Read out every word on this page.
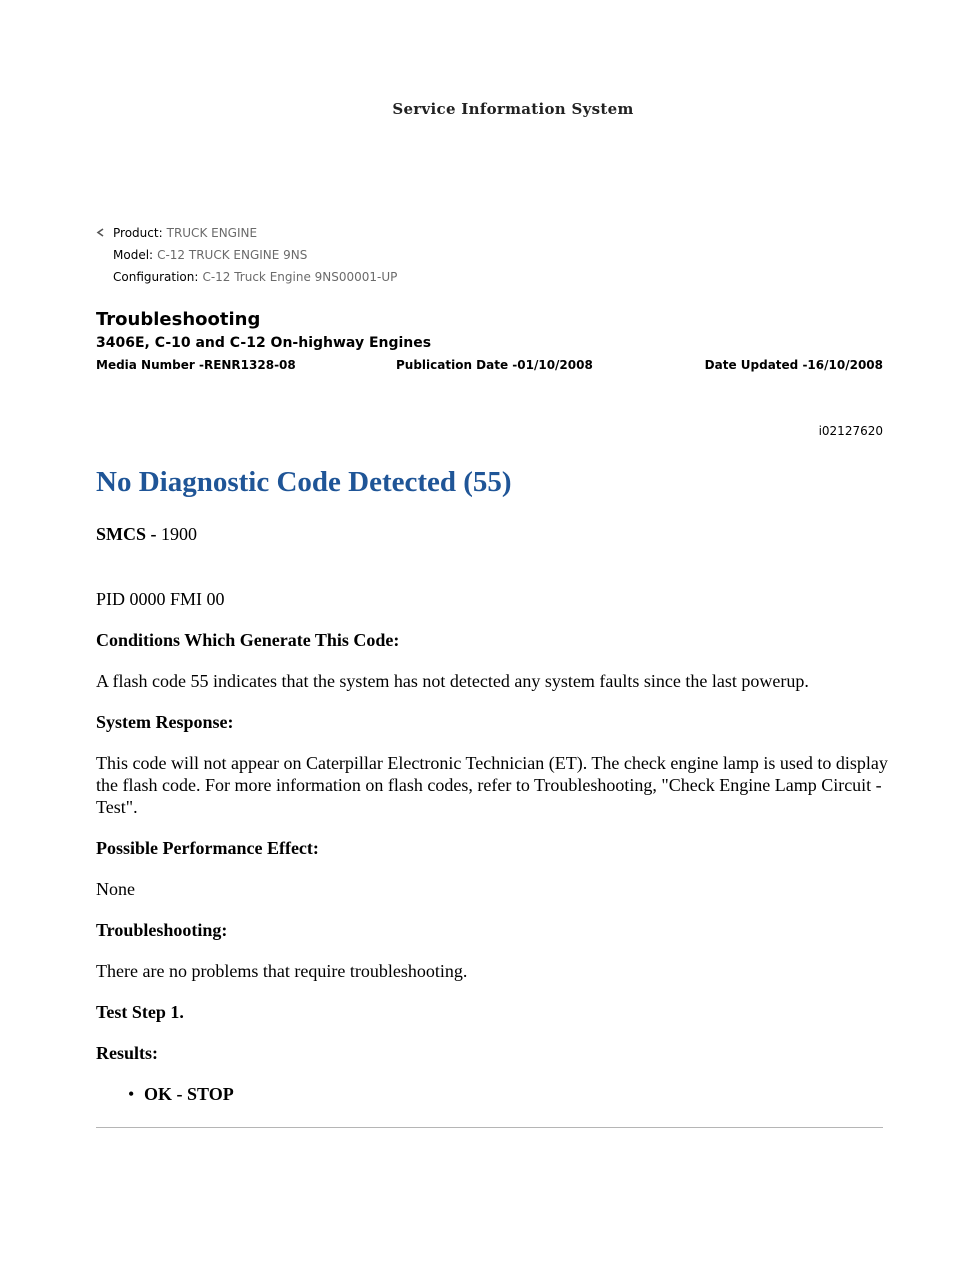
Service Information System
Product: TRUCK ENGINE
Model: C-12 TRUCK ENGINE 9NS
Configuration: C-12 Truck Engine 9NS00001-UP
Troubleshooting
3406E, C-10 and C-12 On-highway Engines
Media Number -RENR1328-08	Publication Date -01/10/2008	Date Updated -16/10/2008
i02127620
No Diagnostic Code Detected (55)
SMCS - 1900

PID 0000 FMI 00

Conditions Which Generate This Code:

A flash code 55 indicates that the system has not detected any system faults since the last powerup.

System Response:

This code will not appear on Caterpillar Electronic Technician (ET). The check engine lamp is used to display the flash code. For more information on flash codes, refer to Troubleshooting, "Check Engine Lamp Circuit - Test".

Possible Performance Effect:

None

Troubleshooting:

There are no problems that require troubleshooting.

Test Step 1.

Results:

• OK - STOP
